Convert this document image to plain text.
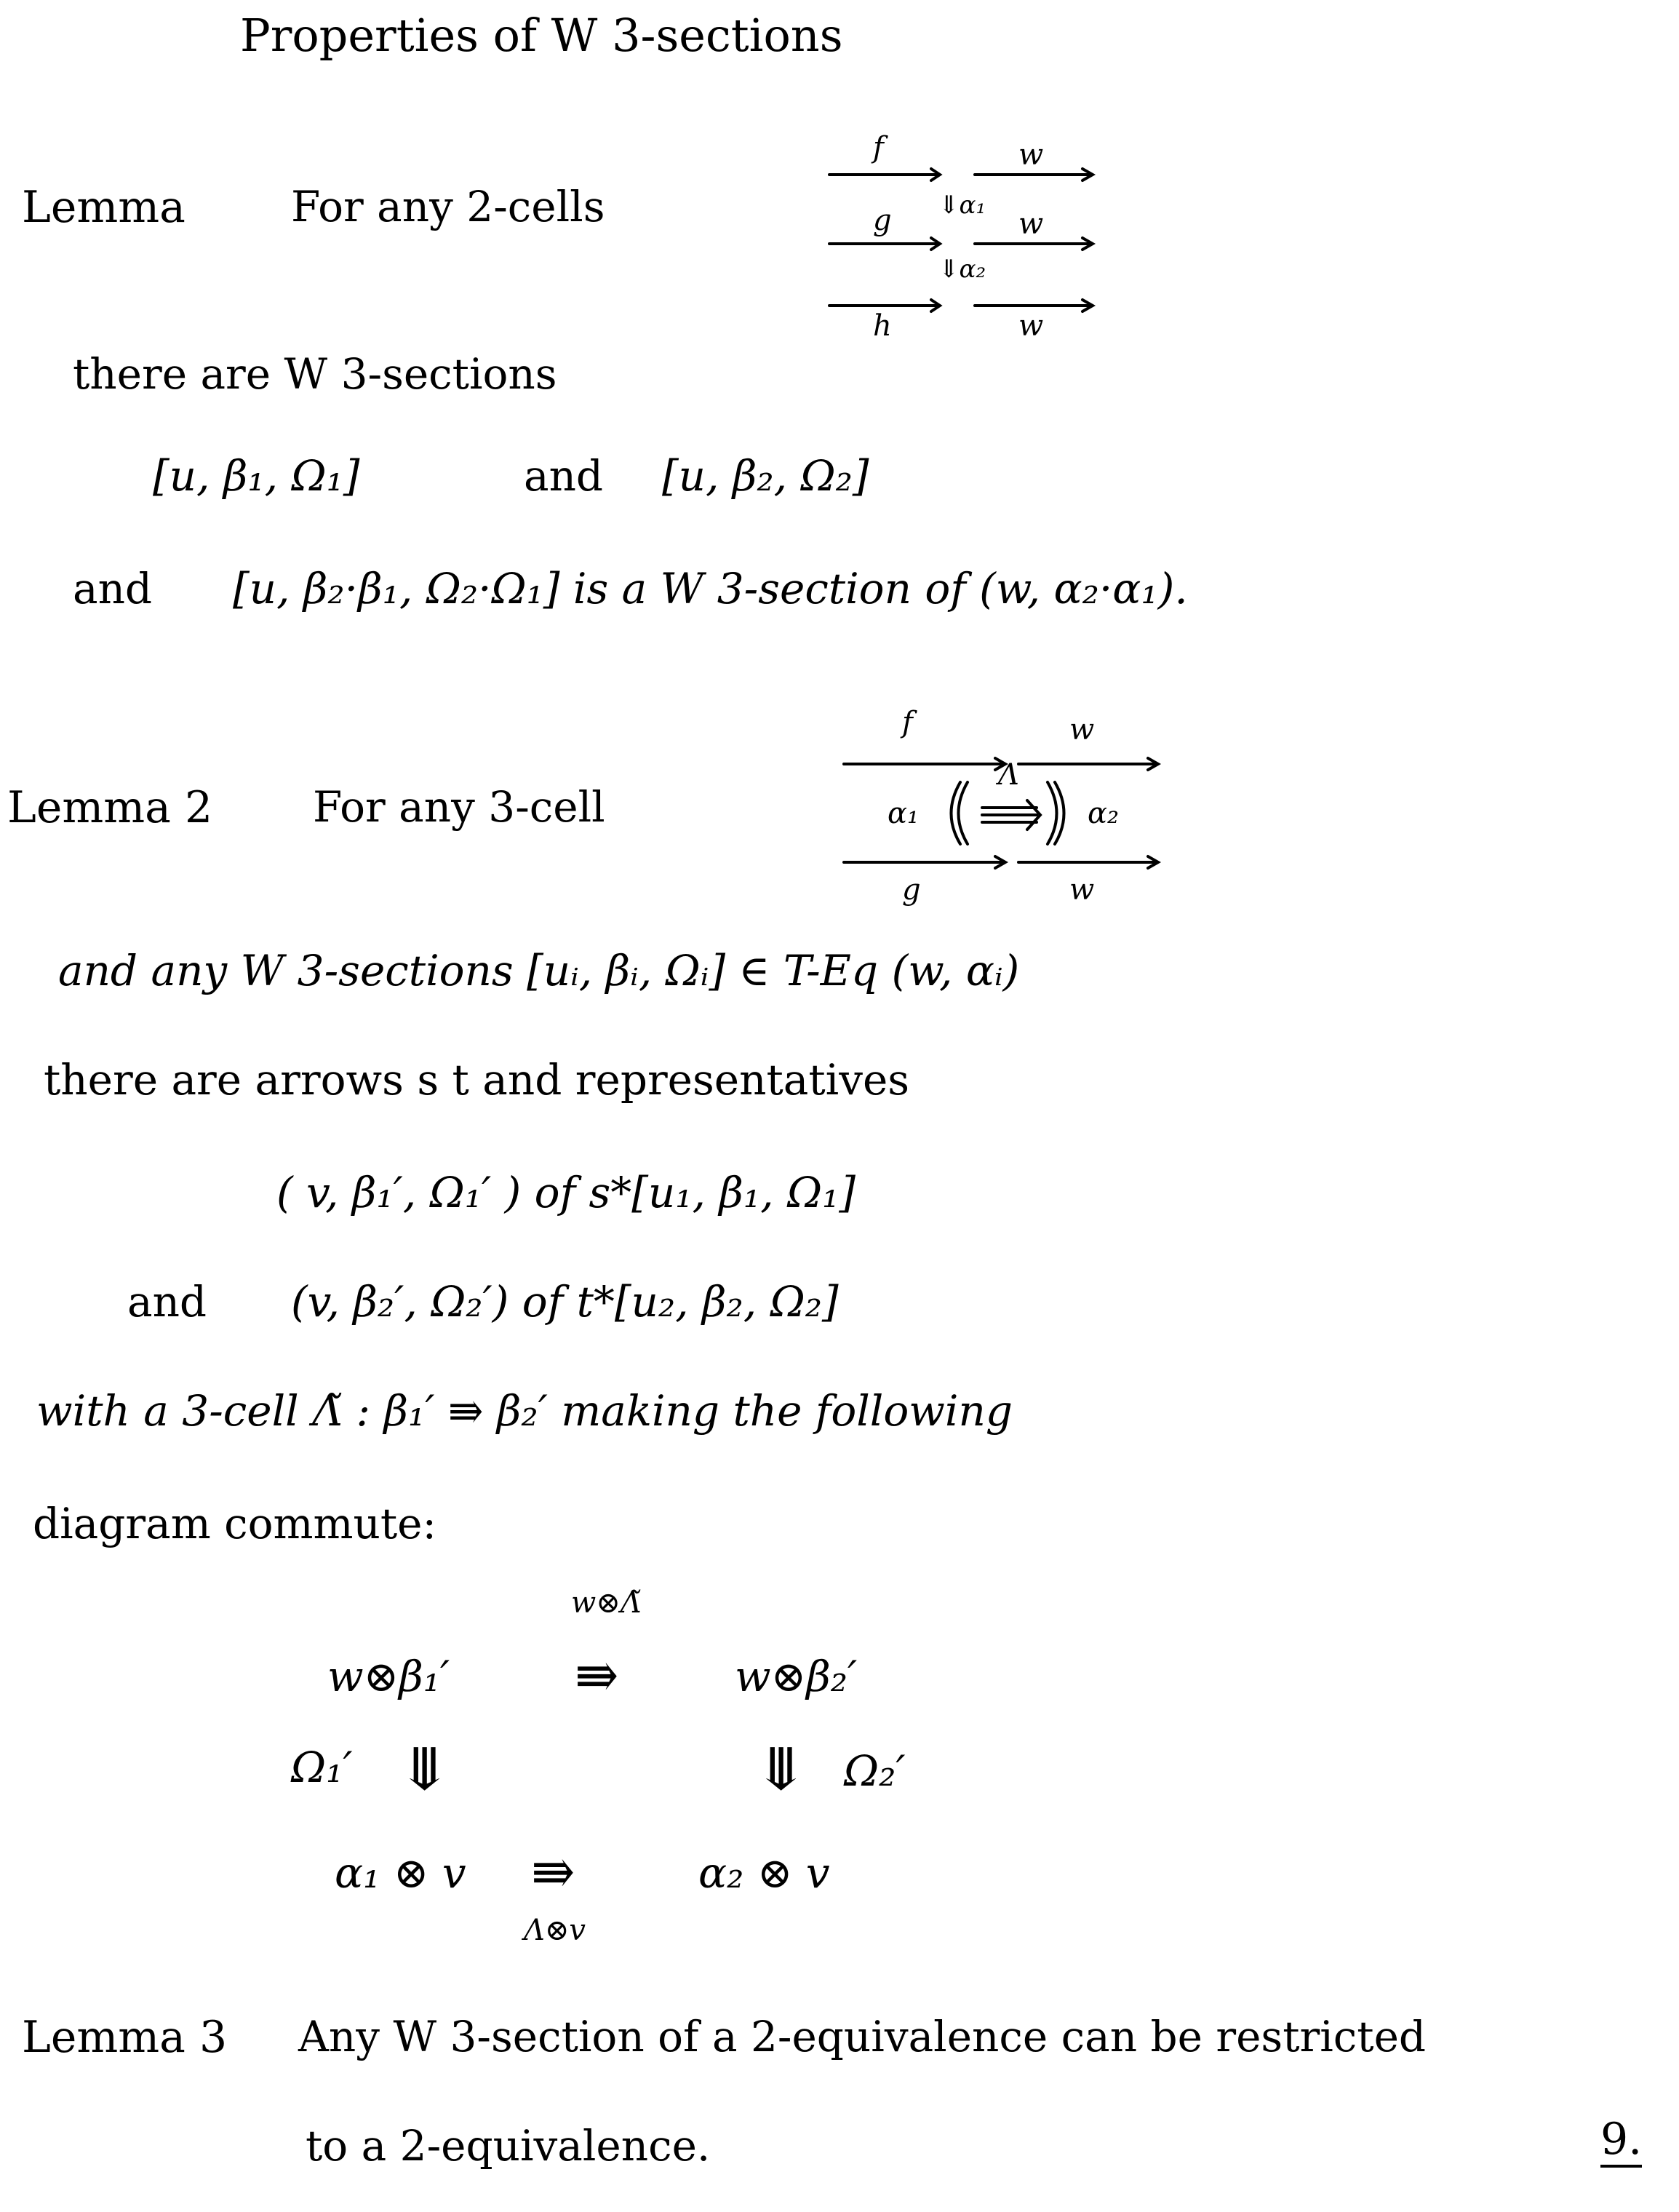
Properties of W 3-sections
Lemma	For any 2-cells
f	w
⇓α₁
g	w
⇓α₂
h	w
there are W 3-sections
[u, β₁, Ω₁]	and [u, β₂, Ω₂]
and [u, β₂·β₁, Ω₂·Ω₁] is a W 3-section of (w, α₂·α₁).
Lemma 2 For any 3-cell
f	w
Λ
α₁	α₂
g	w
and any W 3-sections [uᵢ, βᵢ, Ωᵢ] ∈ T-Eq (w, αᵢ)
there are arrows s t and representatives
( v, β₁′, Ω₁′ ) of s*[u₁, β₁, Ω₁]
and (v, β₂′, Ω₂′) of t*[u₂, β₂, Ω₂]
with a 3-cell Λ̃ : β₁′ ⇛ β₂′ making the following
diagram commute:
w⊗Λ̃
w⊗β₁′ ⇛	w⊗β₂′
Ω₁′ ⤋	⤋ Ω₂′
α₁ ⊗ v ⇛	α₂ ⊗ v
Λ⊗v
Lemma 3 Any W 3-section of a 2-equivalence can be restricted
to a 2-equivalence.	9.
